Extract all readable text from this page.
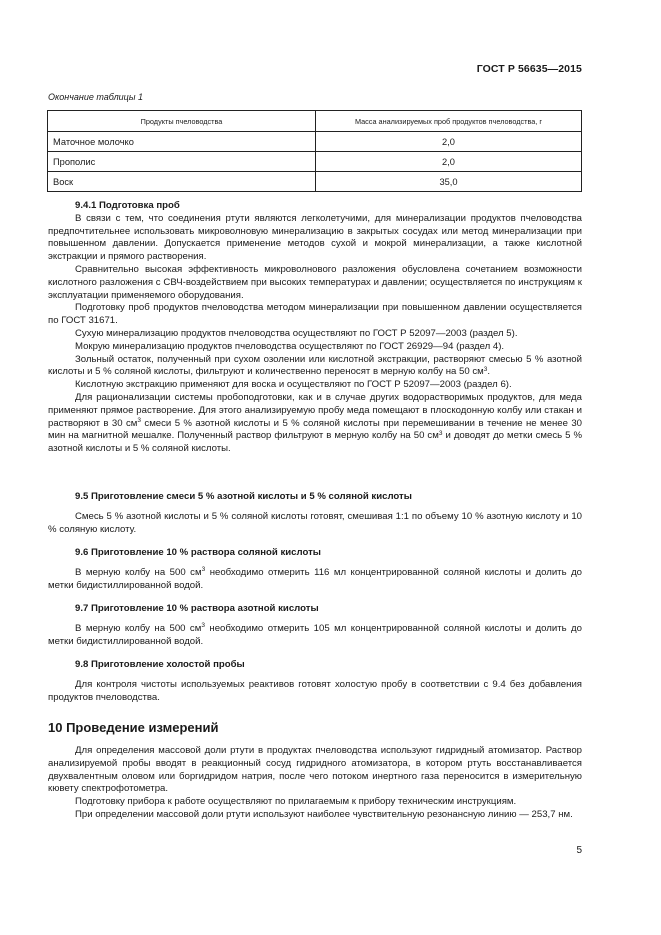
ГОСТ Р 56635—2015
Окончание таблицы 1
Продукты пчеловодства	Масса анализируемых проб продуктов пчеловодства, г
Маточное молочко	2,0
Прополис	2,0
Воск	35,0
9.4.1 Подготовка проб
В связи с тем, что соединения ртути являются легколетучими, для минерализации продуктов пчеловодства предпочтительнее использовать микроволновую минерализацию в закрытых сосудах или метод минерализации при повышенном давлении. Допускается применение методов сухой и мокрой минерализации, а также кислотной экстракции и прямого растворения.
Сравнительно высокая эффективность микроволнового разложения обусловлена сочетанием возможности кислотного разложения с СВЧ-воздействием при высоких температурах и давлении; осуществляется по инструкциям к эксплуатации применяемого оборудования.
Подготовку проб продуктов пчеловодства методом минерализации при повышенном давлении осуществляется по ГОСТ 31671.
Сухую минерализацию продуктов пчеловодства осуществляют по ГОСТ Р 52097—2003 (раздел 5).
Мокрую минерализацию продуктов пчеловодства осуществляют по ГОСТ 26929—94 (раздел 4).
Зольный остаток, полученный при сухом озолении или кислотной экстракции, растворяют смесью 5 % азотной кислоты и 5 % соляной кислоты, фильтруют и количественно переносят в мерную колбу на 50 $см^3$.
Кислотную экстракцию применяют для воска и осуществляют по ГОСТ Р 52097—2003 (раздел 6).
Для рационализации системы пробоподготовки, как и в случае других водорастворимых продуктов, для меда применяют прямое растворение. Для этого анализируемую пробу меда помещают в плоскодонную колбу или стакан и растворяют в 30 $см^3$ смеси 5 % азотной кислоты и 5 % соляной кислоты при перемешивании в течение не менее 30 мин на магнитной мешалке. Полученный раствор фильтруют в мерную колбу на 50 $см^3$ и доводят до метки смесь 5 % азотной кислоты и 5 % соляной кислоты.
9.5 Приготовление смеси 5 % азотной кислоты и 5 % соляной кислоты
Смесь 5 % азотной кислоты и 5 % соляной кислоты готовят, смешивая 1:1 по объему 10 % азотную кислоту и 10 % соляную кислоту.
9.6 Приготовление 10 % раствора соляной кислоты
В мерную колбу на 500 $см^3$ необходимо отмерить 116 мл концентрированной соляной кислоты и долить до метки бидистиллированной водой.
9.7 Приготовление 10 % раствора азотной кислоты
В мерную колбу на 500 $см^3$ необходимо отмерить 105 мл концентрированной соляной кислоты и долить до метки бидистиллированной водой.
9.8 Приготовление холостой пробы
Для контроля чистоты используемых реактивов готовят холостую пробу в соответствии с 9.4 без добавления продуктов пчеловодства.
10 Проведение измерений
Для определения массовой доли ртути в продуктах пчеловодства используют гидридный атомизатор. Раствор анализируемой пробы вводят в реакционный сосуд гидридного атомизатора, в котором ртуть восстанавливается двухвалентным оловом или боргидридом натрия, после чего потоком инертного газа переносится в измерительную кювету спектрофотометра.
Подготовку прибора к работе осуществляют по прилагаемым к прибору техническим инструкциям.
При определении массовой доли ртути используют наиболее чувствительную резонансную линию — 253,7 нм.
5
